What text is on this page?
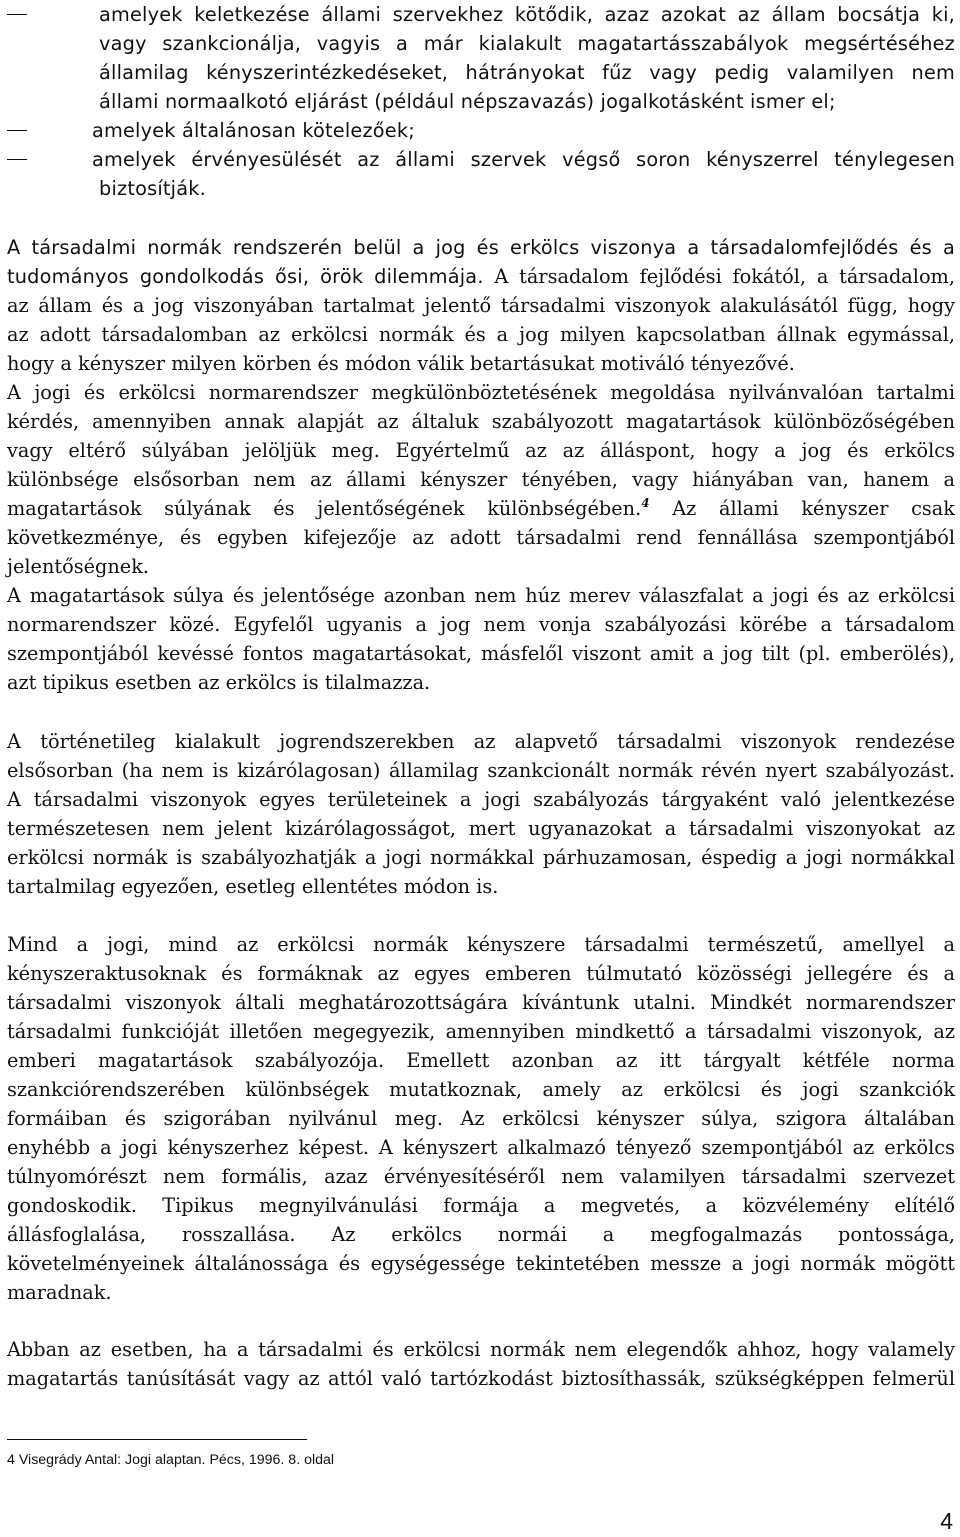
amelyek keletkezése állami szervekhez kötődik, azaz azokat az állam bocsátja ki,
vagy szankcionálja, vagyis a már kialakult magatartásszabályok megsértéséhez
államilag kényszerintézkedéseket, hátrányokat fűz vagy pedig valamilyen nem
állami normaalkotó eljárást (például népszavazás) jogalkotásként ismer el;
amelyek általánosan kötelezőek;
amelyek érvényesülését az állami szervek végső soron kényszerrel ténylegesen
biztosítják.
A társadalmi normák rendszerén belül a jog és erkölcs viszonya a társadalomfejlődés és a
tudományos gondolkodás ősi, örök dilemmája. A társadalom fejlődési fokától, a társadalom,
az állam és a jog viszonyában tartalmat jelentő társadalmi viszonyok alakulásától függ, hogy
az adott társadalomban az erkölcsi normák és a jog milyen kapcsolatban állnak egymással,
hogy a kényszer milyen körben és módon válik betartásukat motiváló tényezővé.
A jogi és erkölcsi normarendszer megkülönböztetésének megoldása nyilvánvalóan tartalmi
kérdés, amennyiben annak alapját az általuk szabályozott magatartások különbözőségében
vagy eltérő súlyában jelöljük meg. Egyértelmű az az álláspont, hogy a jog és erkölcs
különbsége elsősorban nem az állami kényszer tényében, vagy hiányában van, hanem a
magatartások súlyának és jelentőségének különbségében.$^4$ Az állami kényszer csak
következménye, és egyben kifejezője az adott társadalmi rend fennállása szempontjából
jelentőségnek.
A magatartások súlya és jelentősége azonban nem húz merev válaszfalat a jogi és az erkölcsi
normarendszer közé. Egyfelől ugyanis a jog nem vonja szabályozási körébe a társadalom
szempontjából kevéssé fontos magatartásokat, másfelől viszont amit a jog tilt (pl. emberölés),
azt tipikus esetben az erkölcs is tilalmazza.
A történetileg kialakult jogrendszerekben az alapvető társadalmi viszonyok rendezése
elsősorban (ha nem is kizárólagosan) államilag szankcionált normák révén nyert szabályozást.
A társadalmi viszonyok egyes területeinek a jogi szabályozás tárgyaként való jelentkezése
természetesen nem jelent kizárólagosságot, mert ugyanazokat a társadalmi viszonyokat az
erkölcsi normák is szabályozhatják a jogi normákkal párhuzamosan, éspedig a jogi normákkal
tartalmilag egyezően, esetleg ellentétes módon is.
Mind a jogi, mind az erkölcsi normák kényszere társadalmi természetű, amellyel a
kényszeraktusoknak és formáknak az egyes emberen túlmutató közösségi jellegére és a
társadalmi viszonyok általi meghatározottságára kívántunk utalni. Mindkét normarendszer
társadalmi funkcióját illetően megegyezik, amennyiben mindkettő a társadalmi viszonyok, az
emberi magatartások szabályozója. Emellett azonban az itt tárgyalt kétféle norma
szankciórendszerében különbségek mutatkoznak, amely az erkölcsi és jogi szankciók
formáiban és szigorában nyilvánul meg. Az erkölcsi kényszer súlya, szigora általában
enyhébb a jogi kényszerhez képest. A kényszert alkalmazó tényező szempontjából az erkölcs
túlnyomórészt nem formális, azaz érvényesítéséről nem valamilyen társadalmi szervezet
gondoskodik. Tipikus megnyilvánulási formája a megvetés, a közvélemény elítélő
állásfoglalása, rosszallása. Az erkölcs normái a megfogalmazás pontossága,
követelményeinek általánossága és egységessége tekintetében messze a jogi normák mögött
maradnak.
Abban az esetben, ha a társadalmi és erkölcsi normák nem elegendők ahhoz, hogy valamely
magatartás tanúsítását vagy az attól való tartózkodást biztosíthassák, szükségképpen felmerül
4 Visegrády Antal: Jogi alaptan. Pécs, 1996. 8. oldal
4
